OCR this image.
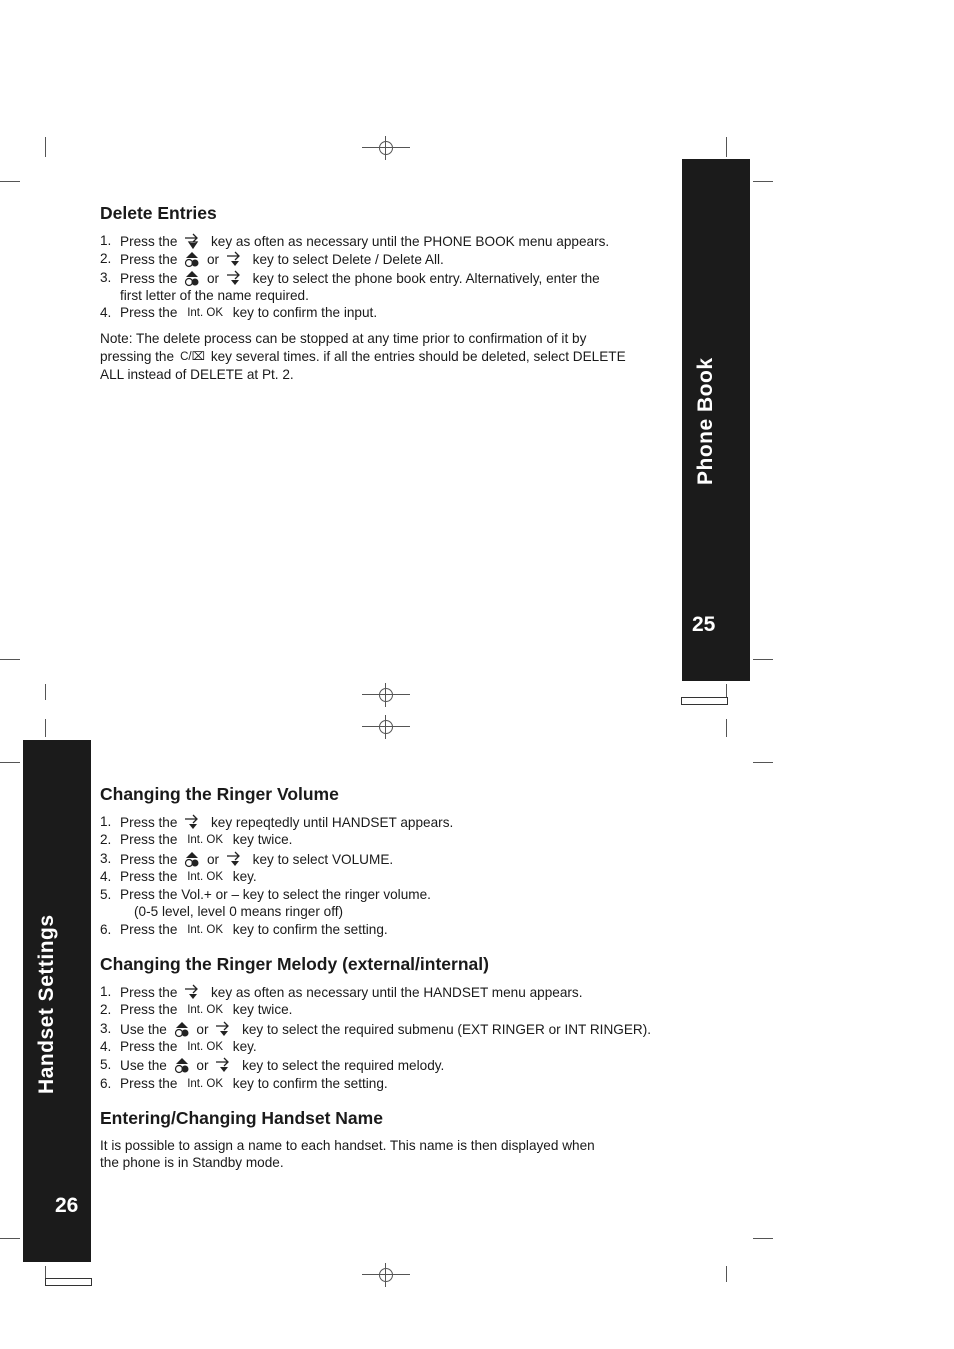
Phone Book
25
Delete Entries
1. Press the key as often as necessary until the PHONE BOOK menu appears.
2. Press the or key to select Delete / Delete All.
3. Press the or key to select the phone book entry. Alternatively, enter the
first letter of the name required.
4. Press the Int. OK key to confirm the input.
Note: The delete process can be stopped at any time prior to confirmation of it by
pressing the C/⌧ key several times. if all the entries should be deleted, select DELETE
ALL instead of DELETE at Pt. 2.
Handset Settings
26
Changing the Ringer Volume
1. Press the key repeqtedly until HANDSET appears.
2. Press the Int. OK key twice.
3. Press the or key to select VOLUME.
4. Press the Int. OK key.
5. Press the Vol.+ or – key to select the ringer volume.
(0-5 level, level 0 means ringer off)
6. Press the Int. OK key to confirm the setting.
Changing the Ringer Melody (external/internal)
1. Press the key as often as necessary until the HANDSET menu appears.
2. Press the Int. OK key twice.
3. Use the or key to select the required submenu (EXT RINGER or INT RINGER).
4. Press the Int. OK key.
5. Use the or key to select the required melody.
6. Press the Int. OK key to confirm the setting.
Entering/Changing Handset Name
It is possible to assign a name to each handset. This name is then displayed when
the phone is in Standby mode.
